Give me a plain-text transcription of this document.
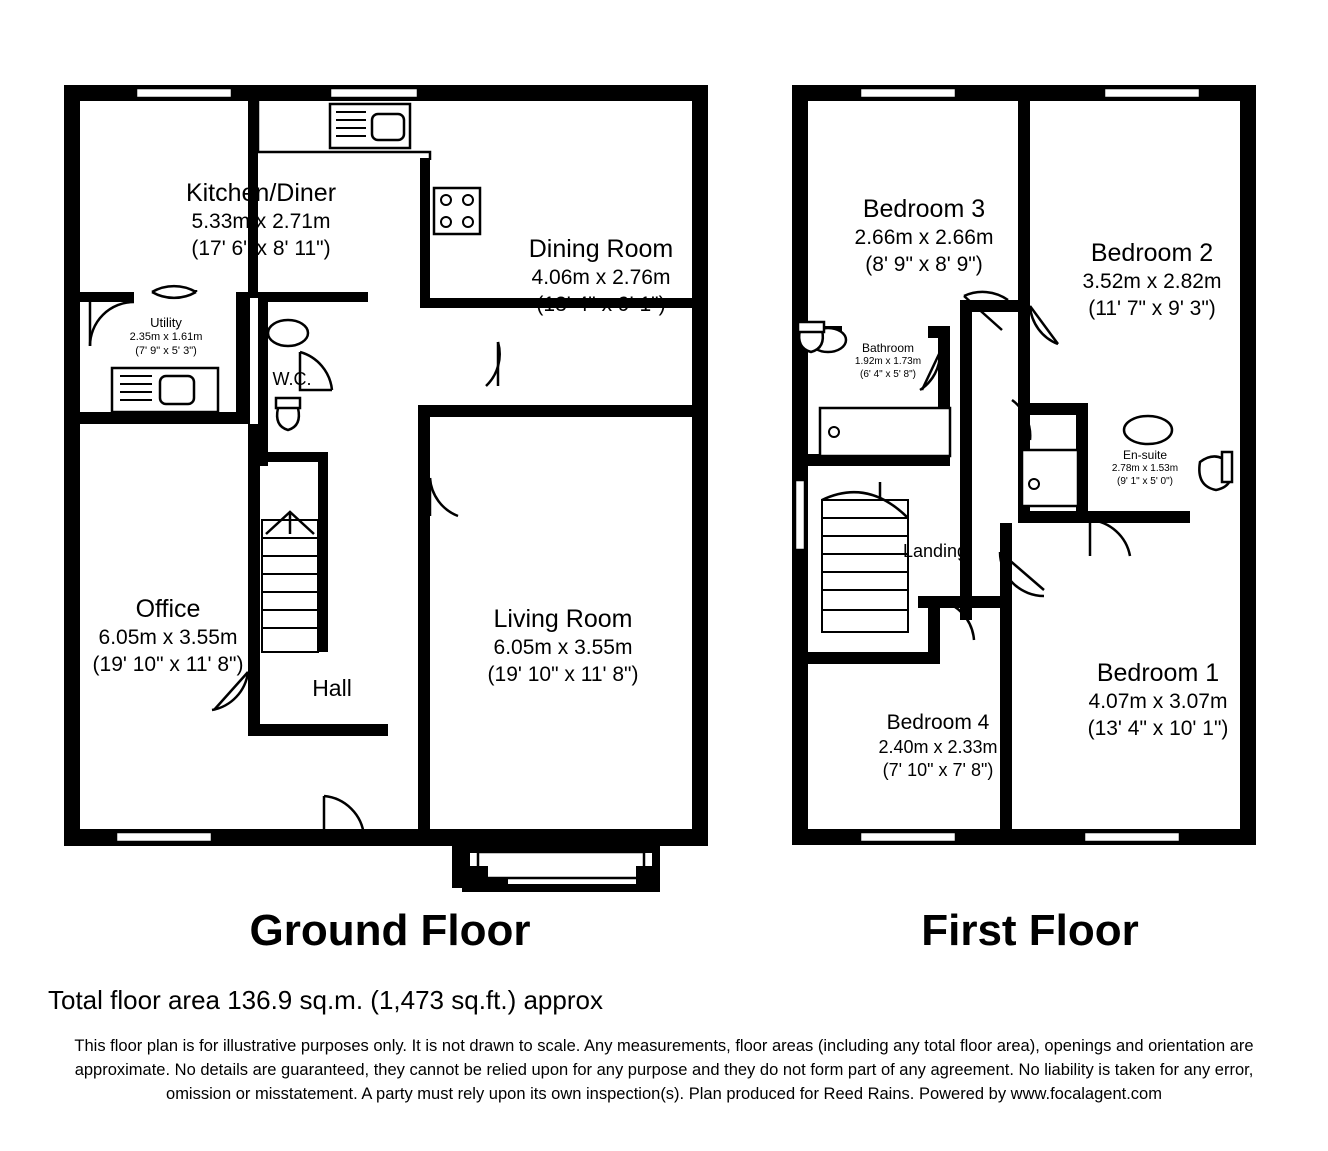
Kitchen/Diner
5.33m x 2.71m
(17' 6" x 8' 11")	Dining Room
4.06m x 2.76m
(13' 4" x 9' 1")
Utility
2.35m x 1.61m
(7' 9" x 5' 3")
W.C.
Office
6.05m x 3.55m
(19' 10" x 11' 8")
Living Room
6.05m x 3.55m
(19' 10" x 11' 8")
Hall
Bedroom 3
2.66m x 2.66m
(8' 9" x 8' 9")	Bedroom 2
3.52m x 2.82m
(11' 7" x 9' 3")
Bathroom
1.92m x 1.73m
(6' 4" x 5' 8")
En-suite
2.78m x 1.53m
(9' 1" x 5' 0")
Landing
Bedroom 1
4.07m x 3.07m
(13' 4" x 10' 1")
Bedroom 4
2.40m x 2.33m
(7' 10" x 7' 8")
Ground Floor	First Floor
Total floor area 136.9 sq.m. (1,473 sq.ft.) approx
This floor plan is for illustrative purposes only. It is not drawn to scale. Any measurements, floor areas (including any total floor area), openings and orientation are approximate. No details are guaranteed, they cannot be relied upon for any purpose and they do not form part of any agreement. No liability is taken for any error, omission or misstatement. A party must rely upon its own inspection(s). Plan produced for Reed Rains. Powered by www.focalagent.com
